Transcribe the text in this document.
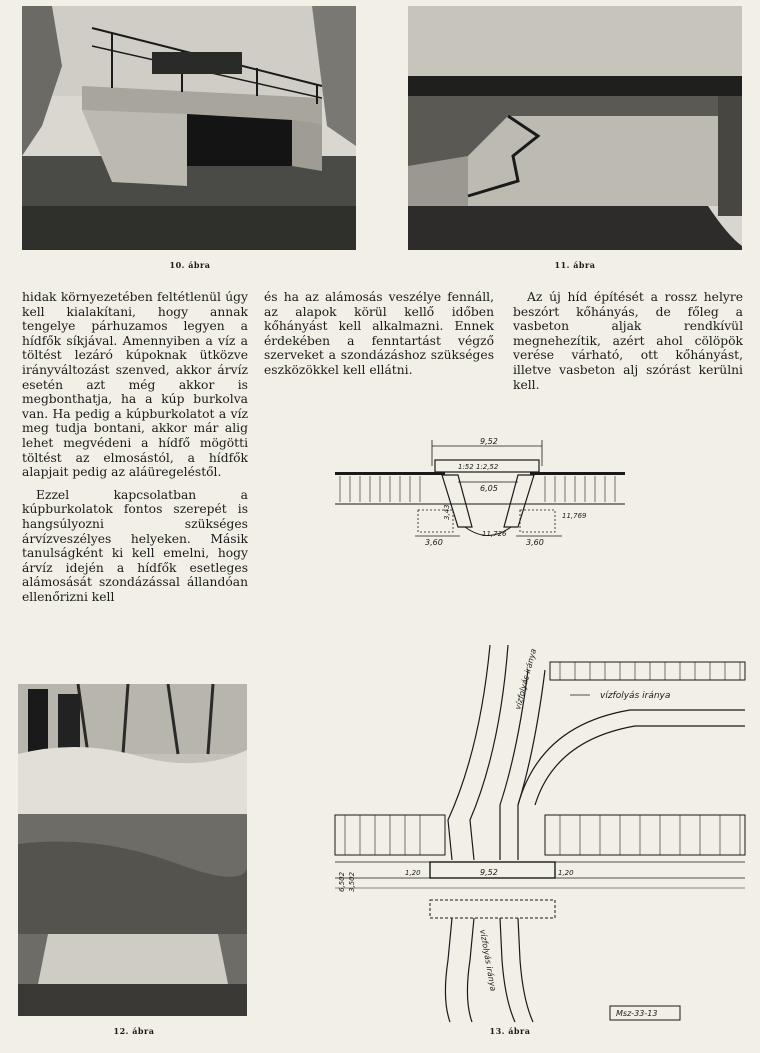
10. ábra	11. ábra

hidak környezetében feltétlenül úgy kell kialakítani, hogy annak tengelye párhuzamos legyen a hídfők síkjával. Amennyiben a víz a töltést lezáró kúpoknak ütközve irányváltozást szenved, akkor árvíz esetén azt még akkor is megbonthatja, ha a kúp burkolva van. Ha pedig a kúpburkolatot a víz meg tudja bontani, akkor már alig lehet megvédeni a hídfő mögötti töltést az elmosástól, a hídfők alapjait pedig az aláüregeléstől.

Ezzel kapcsolatban a kúpburkolatok fontos szerepét is hangsúlyozni szükséges árvízveszélyes helyeken. Másik tanulságként ki kell emelni, hogy árvíz idején a hídfők esetleges alámosását szondázással állandóan ellenőrizni kell

és ha az alámosás veszélye fennáll, az alapok körül kellő időben kőhányást kell alkalmazni. Ennek érdekében a fenntartást végző szerveket a szondázáshoz szükséges eszközökkel kell ellátni.

Az új híd építését a rossz helyre beszórt kőhányás, de főleg a vasbeton aljak rendkívül megnehezítik, azért ahol cölöpök verése várható, ott kőhányást, illetve vasbeton alj szórást kerülni kell.

9,52
1:52 1:2,52
6,05
3,43
11,726
11,769
3,60	3,60
12. ábra
vízfolyás iránya
vízfolyás iránya
9,52
1,20	1,20
6,502 3,502
vízfolyás iránya
Msz-33-13
13. ábra
